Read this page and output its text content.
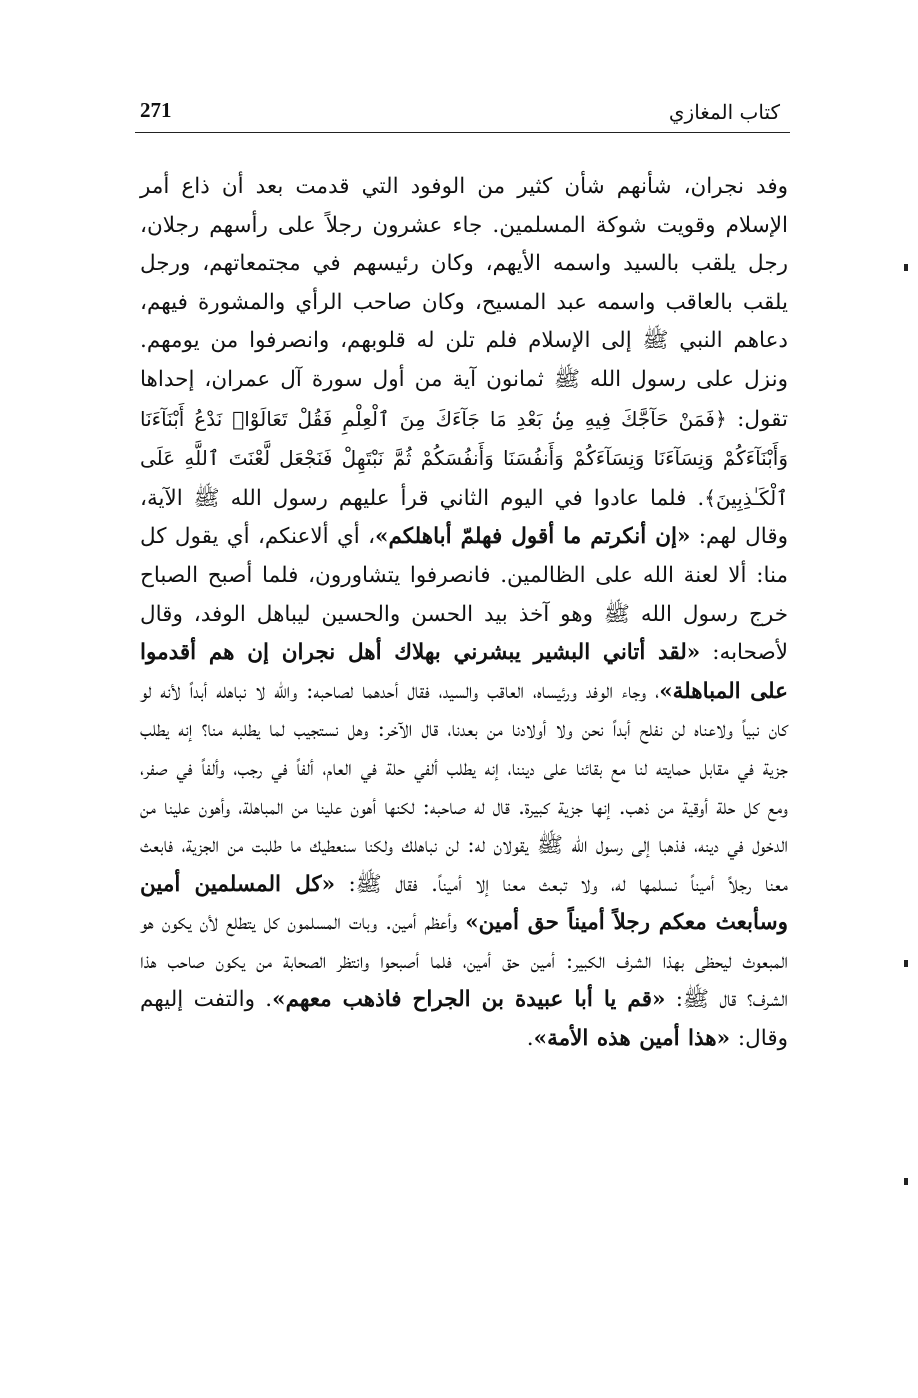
271	كتاب المغازي

وفد نجران، شأنهم شأن كثير من الوفود التي قدمت بعد أن ذاع أمر الإسلام وقويت شوكة المسلمين. جاء عشرون رجلاً على رأسهم رجلان، رجل يلقب بالسيد واسمه الأيهم، وكان رئيسهم في مجتمعاتهم، ورجل يلقب بالعاقب واسمه عبد المسيح، وكان صاحب الرأي والمشورة فيهم، دعاهم النبي ﷺ إلى الإسلام فلم تلن له قلوبهم، وانصرفوا من يومهم. ونزل على رسول الله ﷺ ثمانون آية من أول سورة آل عمران، إحداها تقول: ﴿فَمَنْ حَآجَّكَ فِيهِ مِنۢ بَعْدِ مَا جَآءَكَ مِنَ ٱلْعِلْمِ فَقُلْ تَعَالَوْا۟ نَدْعُ أَبْنَآءَنَا وَأَبْنَآءَكُمْ وَنِسَآءَنَا وَنِسَآءَكُمْ وَأَنفُسَنَا وَأَنفُسَكُمْ ثُمَّ نَبْتَهِلْ فَنَجْعَل لَّعْنَتَ ٱللَّهِ عَلَى ٱلْكَـٰذِبِينَ﴾. فلما عادوا في اليوم الثاني قرأ عليهم رسول الله ﷺ الآية، وقال لهم: «إن أنكرتم ما أقول فهلمّ أباهلكم»، أي ألاعنكم، أي يقول كل منا: ألا لعنة الله على الظالمين. فانصرفوا يتشاورون، فلما أصبح الصباح خرج رسول الله ﷺ وهو آخذ بيد الحسن والحسين ليباهل الوفد، وقال لأصحابه: «لقد أتاني البشير يبشرني بهلاك أهل نجران إن هم أقدموا على المباهلة»، وجاء الوفد ورئيساه، العاقب والسيد، فقال أحدهما لصاحبه: والله لا نباهله أبداً لأنه لو كان نبياً ولاعناه لن نفلح أبداً نحن ولا أولادنا من بعدنا، قال الآخر: وهل نستجيب لما يطلبه منا؟ إنه يطلب جزية في مقابل حمايته لنا مع بقائنا على ديننا، إنه يطلب ألفي حلة في العام، ألفاً في رجب، وألفاً في صفر، ومع كل حلة أوقية من ذهب. إنها جزية كبيرة. قال له صاحبه: لكنها أهون علينا من المباهلة، وأهون علينا من الدخول في دينه، فذهبا إلى رسول الله ﷺ يقولان له: لن نباهلك ولكنا سنعطيك ما طلبت من الجزية، فابعث معنا رجلاً أميناً نسلمها له، ولا تبعث معنا إلا أميناً. فقال ﷺ: «كل المسلمين أمين وسأبعث معكم رجلاً أميناً حق أمين» وأعظم أمين. وبات المسلمون كل يتطلع لأن يكون هو المبعوث ليحظى بهذا الشرف الكبير: أمين حق أمين، فلما أصبحوا وانتظر الصحابة من يكون صاحب هذا الشرف؟ قال ﷺ: «قم يا أبا عبيدة بن الجراح فاذهب معهم». والتفت إليهم وقال: «هذا أمين هذه الأمة».
